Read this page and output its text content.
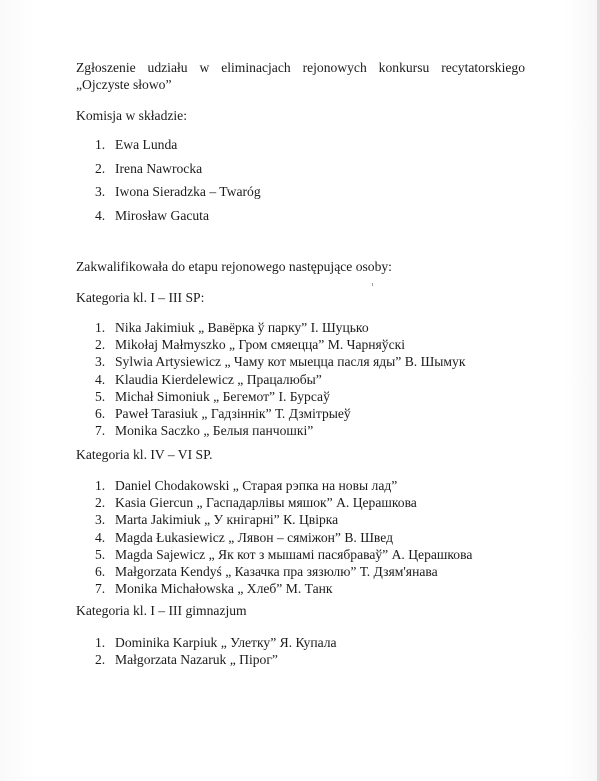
Zgłoszenie udziału w eliminacjach rejonowych konkursu recytatorskiego
„Ojczyste słowo”
Komisja w składzie:
1. Ewa Lunda
2. Irena Nawrocka
3. Iwona Sieradzka – Twaróg
4. Mirosław Gacuta
Zakwalifikowała do etapu rejonowego następujące osoby:
Kategoria kl. I – III SP:
1. Nika Jakimiuk „ Вавёрка ў парку” І. Шуцько
2. Mikołaj Małmyszko „ Гром смяецца” М. Чарняўскі
3. Sylwia Artysiewicz „ Чаму кот мыецца пасля яды” В. Шымук
4. Klaudia Kierdelewicz „ Працалюбы”
5. Michał Simoniuk „ Бегемот” І. Бурсаў
6. Paweł Tarasiuk „ Гадзіннік” Т. Дзмітрыеў
7. Monika Saczko „ Белыя панчошкі”
Kategoria kl. IV – VI SP.
1. Daniel Chodakowski „ Старая рэпка на новы лад”
2. Kasia Giercun „ Гаспадарлівы мяшок” А. Церашкова
3. Marta Jakimiuk „ У кнігарні” К. Цвірка
4. Magda Łukasiewicz „ Лявон – сяміжон” В. Швед
5. Magda Sajewicz „ Як кот з мышамі пасябраваў” А. Церашкова
6. Małgorzata Kendyś „ Казачка пра зязюлю” Т. Дзям'янава
7. Monika Michałowska „ Хлеб” М. Танк
Kategoria kl. I – III gimnazjum
1. Dominika Karpiuk „ Улетку” Я. Купала
2. Małgorzata Nazaruk „ Пірог”
